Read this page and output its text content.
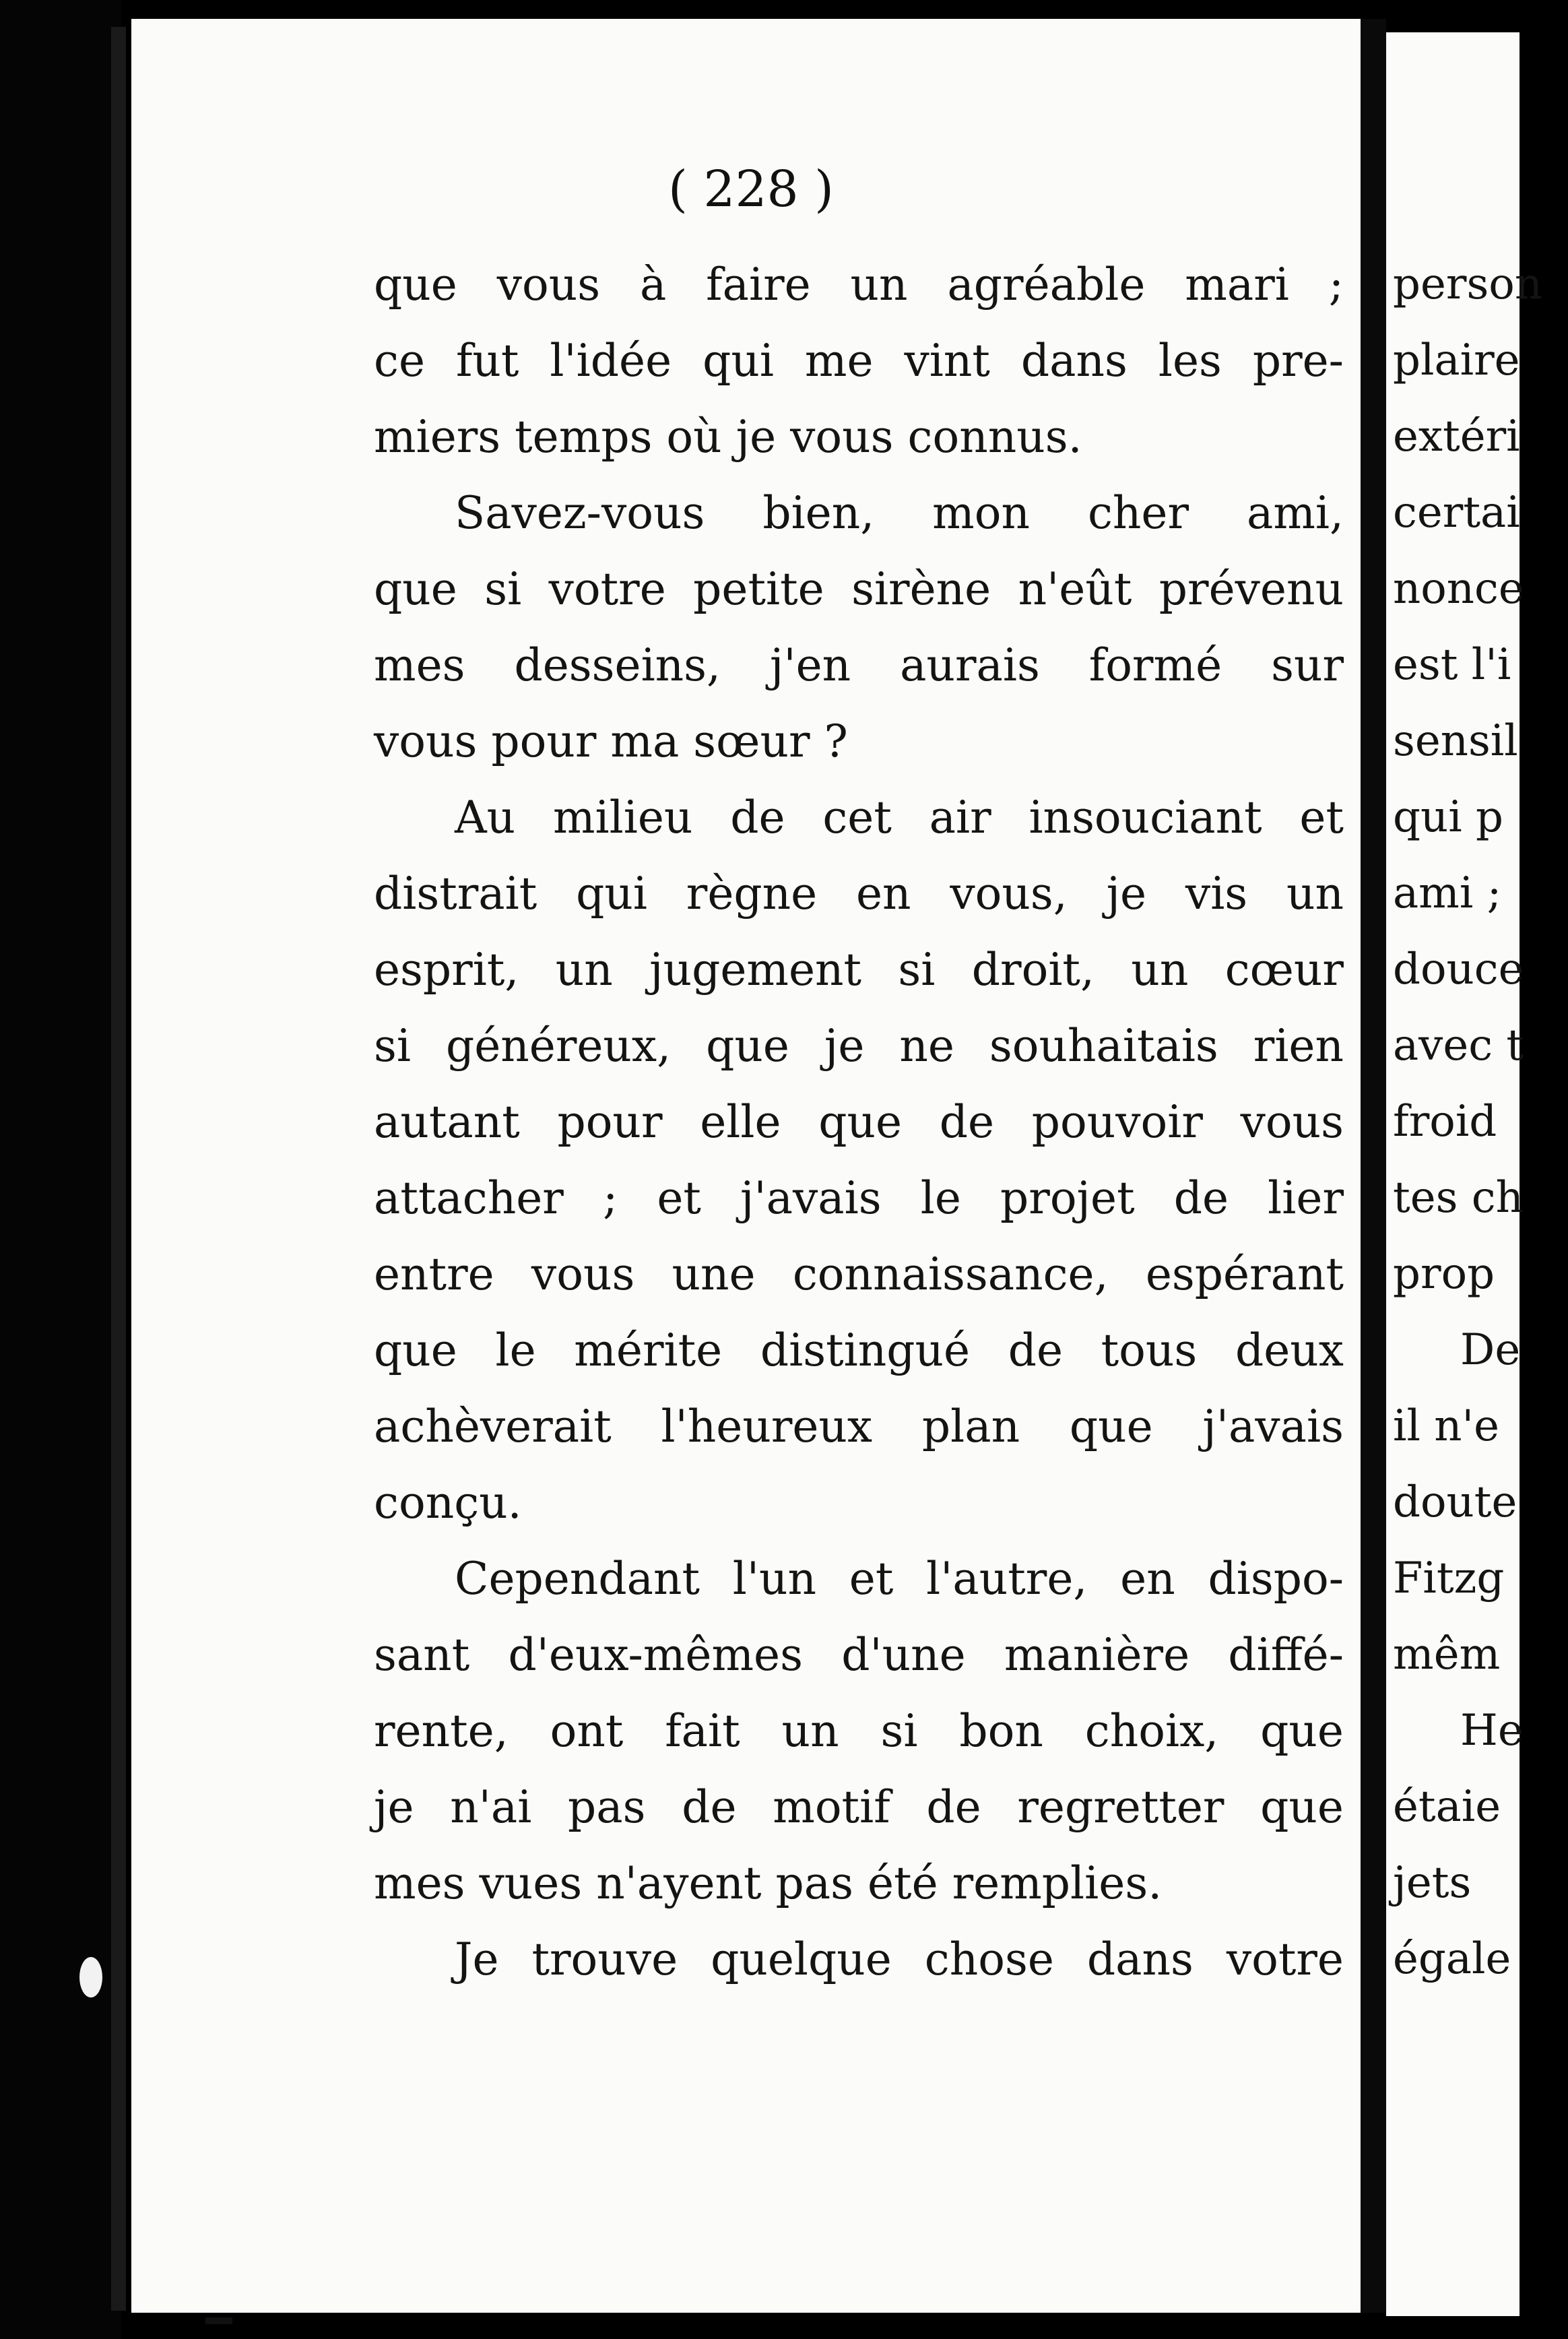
( 228 )
que vous à faire un agréable mari ;
ce fut l'idée qui me vint dans les pre-
miers temps où je vous connus.
Savez-vous bien, mon cher ami,
que si votre petite sirène n'eût prévenu
mes desseins, j'en aurais formé sur
vous pour ma sœur ?
Au milieu de cet air insouciant et
distrait qui règne en vous, je vis un
esprit, un jugement si droit, un cœur
si généreux, que je ne souhaitais rien
autant pour elle que de pouvoir vous
attacher ; et j'avais le projet de lier
entre vous une connaissance, espérant
que le mérite distingué de tous deux
achèverait l'heureux plan que j'avais
conçu.
Cependant l'un et l'autre, en dispo-
sant d'eux-mêmes d'une manière diffé-
rente, ont fait un si bon choix, que
je n'ai pas de motif de regretter que
mes vues n'ayent pas été remplies.
Je trouve quelque chose dans votre
person
plaire
extéri
certai
nonce
est l'i
sensil
qui p
ami ;
douce
avec t
froid
tes ch
prop
De
il n'e
doute
Fitzg
mêm
He
étaie
jets
égale
